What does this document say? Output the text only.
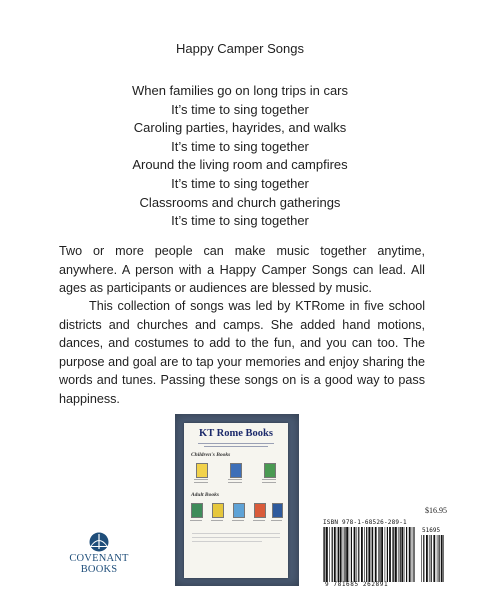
Happy Camper Songs
When families go on long trips in cars
It’s time to sing together
Caroling parties, hayrides, and walks
It’s time to sing together
Around the living room and campfires
It’s time to sing together
Classrooms and church gatherings
It’s time to sing together

Two or more people can make music together anytime, anywhere. A person with a Happy Camper Songs can lead. All ages as participants or audiences are blessed by music.

This collection of songs was led by KTRome in five school districts and churches and camps. She added hand motions, dances, and costumes to add to the fun, and you can too. The purpose and goal are to tap your memories and enjoy sharing the words and tunes. Passing these songs on is a good way to pass happiness.

KT Rome Books
Children's Books
Adult Books
COVENANT BOOKS
$16.95
ISBN 978-1-68526-289-1
51695
9 781685 262891
